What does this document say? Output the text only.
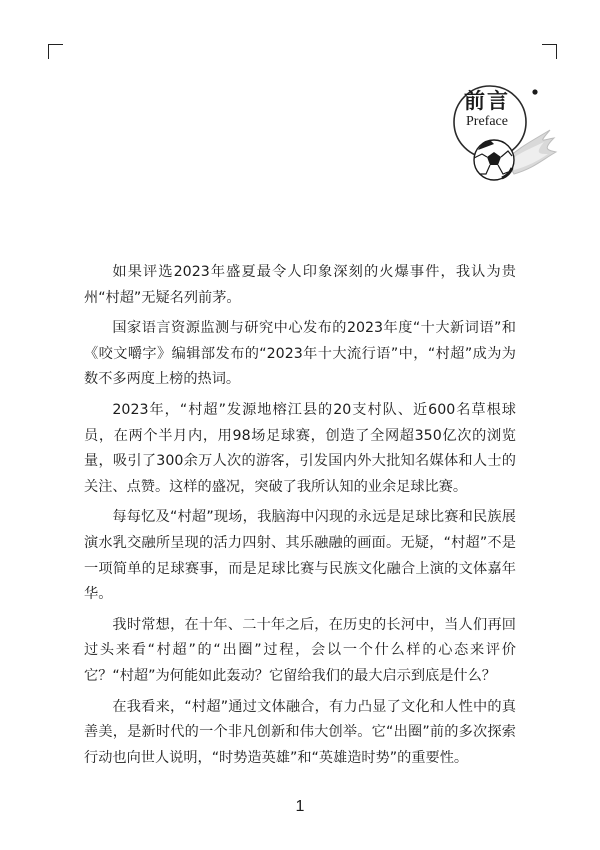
前言
Preface

如果评选2023年盛夏最令人印象深刻的火爆事件，我认为贵州“村超”无疑名列前茅。

国家语言资源监测与研究中心发布的2023年度“十大新词语”和《咬文嚼字》编辑部发布的“2023年十大流行语”中，“村超”成为为数不多两度上榜的热词。

2023年，“村超”发源地榕江县的20支村队、近600名草根球员，在两个半月内，用98场足球赛，创造了全网超350亿次的浏览量，吸引了300余万人次的游客，引发国内外大批知名媒体和人士的关注、点赞。这样的盛况，突破了我所认知的业余足球比赛。

每每忆及“村超”现场，我脑海中闪现的永远是足球比赛和民族展演水乳交融所呈现的活力四射、其乐融融的画面。无疑，“村超”不是一项简单的足球赛事，而是足球比赛与民族文化融合上演的文体嘉年华。

我时常想，在十年、二十年之后，在历史的长河中，当人们再回过头来看“村超”的“出圈”过程，会以一个什么样的心态来评价它？“村超”为何能如此轰动？它留给我们的最大启示到底是什么？

在我看来，“村超”通过文体融合，有力凸显了文化和人性中的真善美，是新时代的一个非凡创新和伟大创举。它“出圈”前的多次探索行动也向世人说明，“时势造英雄”和“英雄造时势”的重要性。

1
